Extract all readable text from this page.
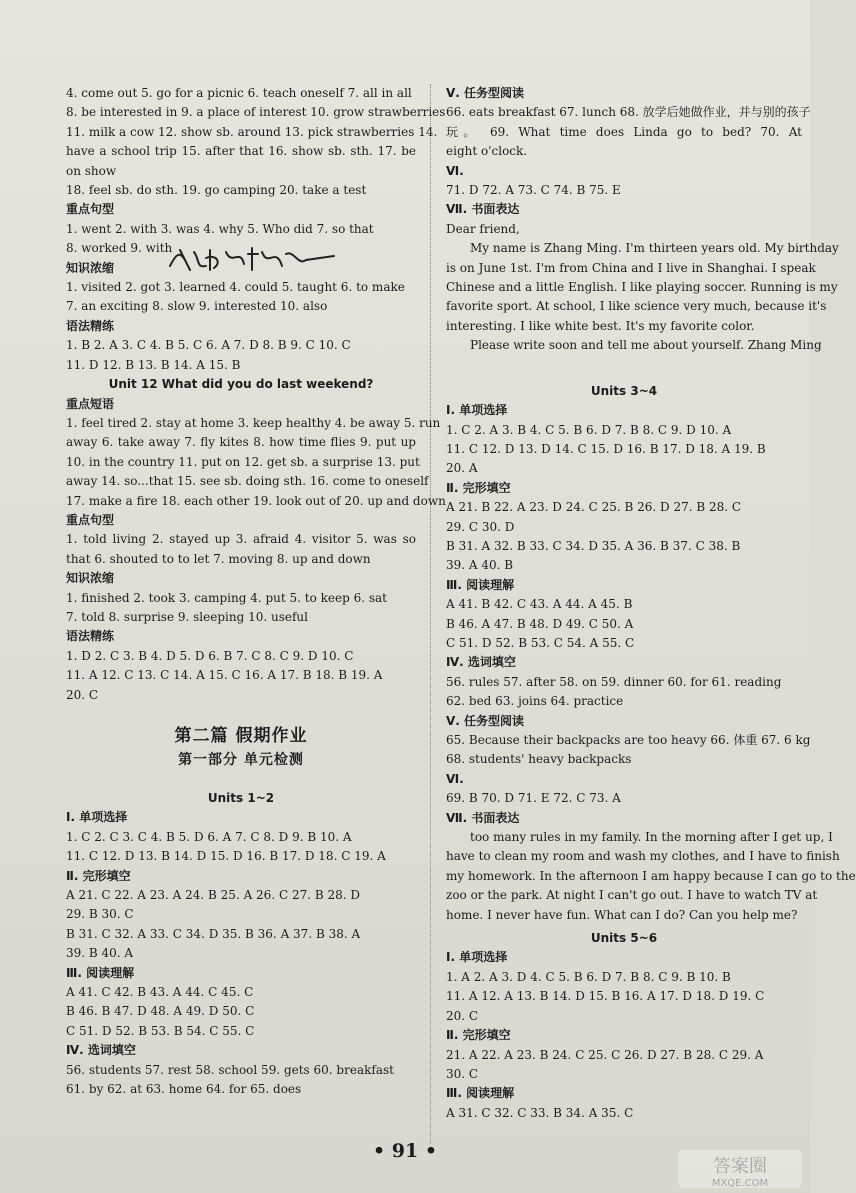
4. come out 5. go for a picnic 6. teach oneself 7. all in all
8. be interested in 9. a place of interest 10. grow strawberries
11. milk a cow 12. show sb. around 13. pick strawberries 14.
have a school trip 15. after that 16. show sb. sth. 17. be
on show
18. feel sb. do sth. 19. go camping 20. take a test
重点句型
1. went 2. with 3. was 4. why 5. Who did 7. so that
8. worked 9. with
知识浓缩
1. visited 2. got 3. learned 4. could 5. taught 6. to make
7. an exciting 8. slow 9. interested 10. also
语法精练
1. B 2. A 3. C 4. B 5. C 6. A 7. D 8. B 9. C 10. C
11. D 12. B 13. B 14. A 15. B
Unit 12 What did you do last weekend?
重点短语
1. feel tired 2. stay at home 3. keep healthy 4. be away 5. run
away 6. take away 7. fly kites 8. how time flies 9. put up
10. in the country 11. put on 12. get sb. a surprise 13. put
away 14. so...that 15. see sb. doing sth. 16. come to oneself
17. make a fire 18. each other 19. look out of 20. up and down
重点句型
1. told living 2. stayed up 3. afraid 4. visitor 5. was so
that 6. shouted to to let 7. moving 8. up and down
知识浓缩
1. finished 2. took 3. camping 4. put 5. to keep 6. sat
7. told 8. surprise 9. sleeping 10. useful
语法精练
1. D 2. C 3. B 4. D 5. D 6. B 7. C 8. C 9. D 10. C
11. A 12. C 13. C 14. A 15. C 16. A 17. B 18. B 19. A
20. C
第二篇 假期作业
第一部分 单元检测
Units 1~2
Ⅰ. 单项选择
1. C 2. C 3. C 4. B 5. D 6. A 7. C 8. D 9. B 10. A
11. C 12. D 13. B 14. D 15. D 16. B 17. D 18. C 19. A
Ⅱ. 完形填空
A 21. C 22. A 23. A 24. B 25. A 26. C 27. B 28. D
29. B 30. C
B 31. C 32. A 33. C 34. D 35. B 36. A 37. B 38. A
39. B 40. A
Ⅲ. 阅读理解
A 41. C 42. B 43. A 44. C 45. C
B 46. B 47. D 48. A 49. D 50. C
C 51. D 52. B 53. B 54. C 55. C
Ⅳ. 选词填空
56. students 57. rest 58. school 59. gets 60. breakfast
61. by 62. at 63. home 64. for 65. does
Ⅴ. 任务型阅读
66. eats breakfast 67. lunch 68. 放学后她做作业，并与别的孩子
玩。 69. What time does Linda go to bed? 70. At
eight o'clock.
Ⅵ.
71. D 72. A 73. C 74. B 75. E
Ⅶ. 书面表达
Dear friend,
My name is Zhang Ming. I'm thirteen years old. My birthday
is on June 1st. I'm from China and I live in Shanghai. I speak
Chinese and a little English. I like playing soccer. Running is my
favorite sport. At school, I like science very much, because it's
interesting. I like white best. It's my favorite color.
Please write soon and tell me about yourself. Zhang Ming
Units 3~4
Ⅰ. 单项选择
1. C 2. A 3. B 4. C 5. B 6. D 7. B 8. C 9. D 10. A
11. C 12. D 13. D 14. C 15. D 16. B 17. D 18. A 19. B
20. A
Ⅱ. 完形填空
A 21. B 22. A 23. D 24. C 25. B 26. D 27. B 28. C
29. C 30. D
B 31. A 32. B 33. C 34. D 35. A 36. B 37. C 38. B
39. A 40. B
Ⅲ. 阅读理解
A 41. B 42. C 43. A 44. A 45. B
B 46. A 47. B 48. D 49. C 50. A
C 51. D 52. B 53. C 54. A 55. C
Ⅳ. 选词填空
56. rules 57. after 58. on 59. dinner 60. for 61. reading
62. bed 63. joins 64. practice
Ⅴ. 任务型阅读
65. Because their backpacks are too heavy 66. 体重 67. 6 kg
68. students' heavy backpacks
Ⅵ.
69. B 70. D 71. E 72. C 73. A
Ⅶ. 书面表达
too many rules in my family. In the morning after I get up, I
have to clean my room and wash my clothes, and I have to finish
my homework. In the afternoon I am happy because I can go to the
zoo or the park. At night I can't go out. I have to watch TV at
home. I never have fun. What can I do? Can you help me?
Units 5~6
Ⅰ. 单项选择
1. A 2. A 3. D 4. C 5. B 6. D 7. B 8. C 9. B 10. B
11. A 12. A 13. B 14. D 15. B 16. A 17. D 18. D 19. C
20. C
Ⅱ. 完形填空
21. A 22. A 23. B 24. C 25. C 26. D 27. B 28. C 29. A
30. C
Ⅲ. 阅读理解
A 31. C 32. C 33. B 34. A 35. C
• 91 •
答案圈
MXQE.COM
